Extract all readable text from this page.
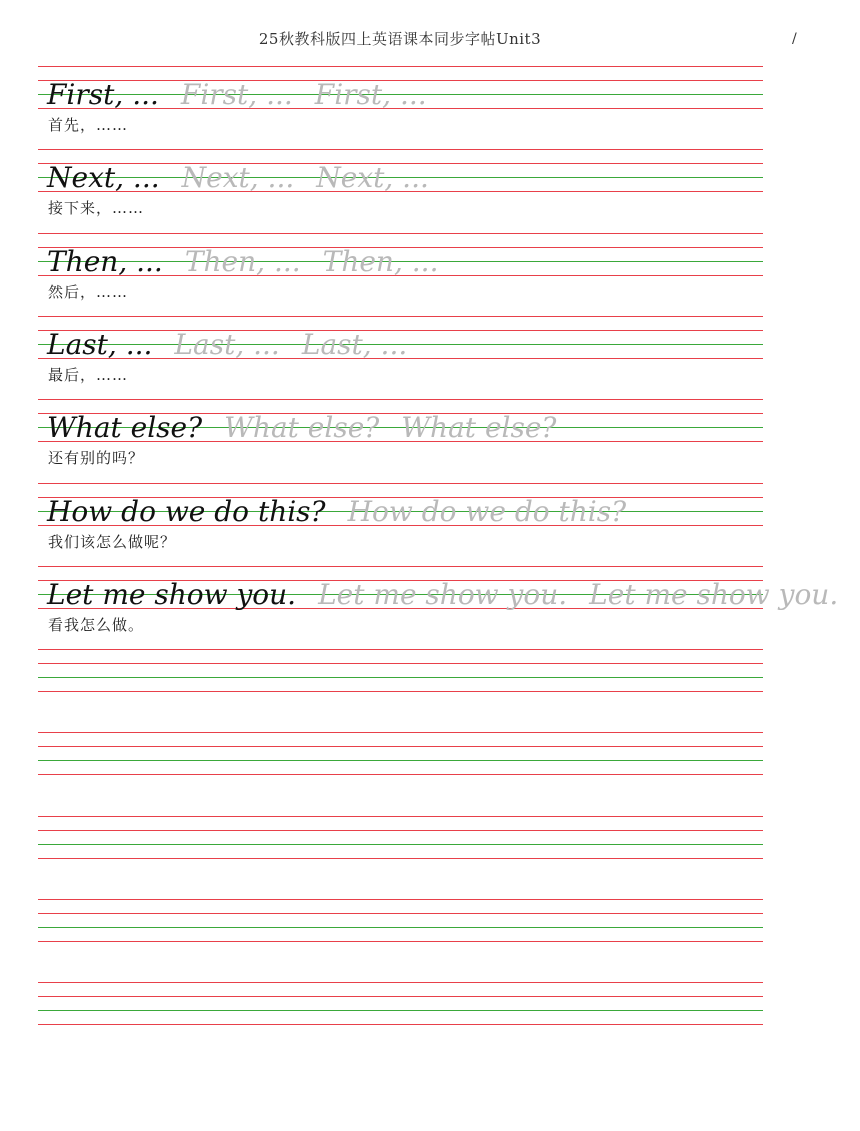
25秋教科版四上英语课本同步字帖Unit3	/
First, ... First, ... First, ...
首先，……
Next, ... Next, ... Next, ...
接下来，……
Then, ... Then, ... Then, ...
然后，……
Last, ... Last, ... Last, ...
最后，……
What else? What else? What else?
还有别的吗？
How do we do this? How do we do this?
我们该怎么做呢？
Let me show you. Let me show you. Let me show you.
看我怎么做。
